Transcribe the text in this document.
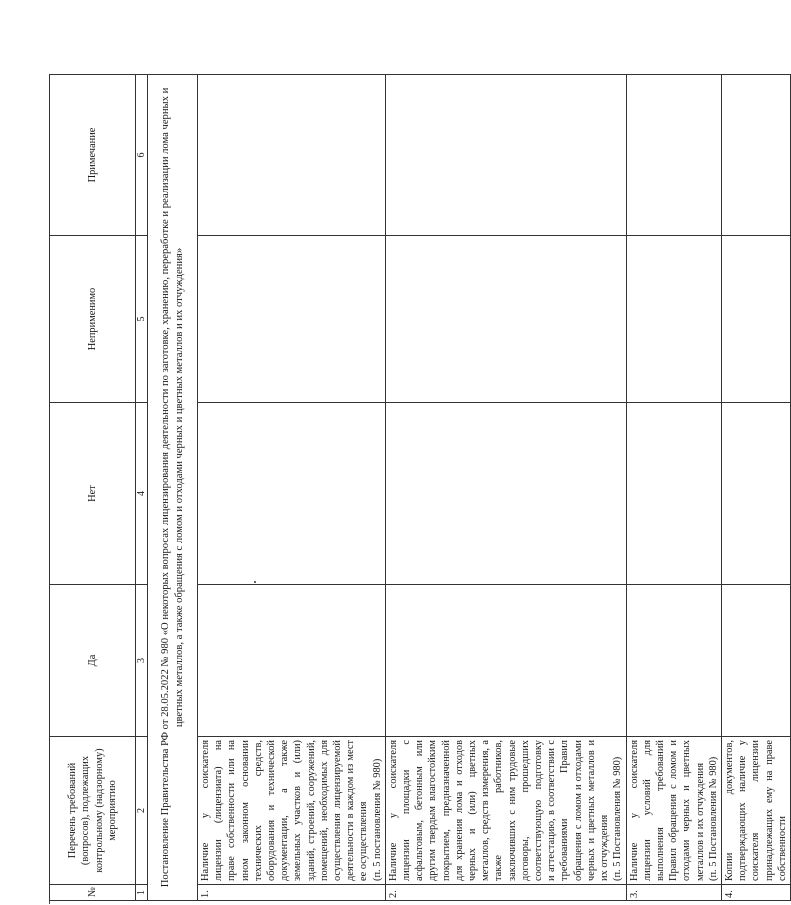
№	Перечень требований (вопросов), подлежащих контрольному (надзорному) мероприятию	Да	Нет	Неприменимо	Примечание
1	2	3	4	5	6
Постановление Правительства РФ от 28.05.2022 № 980 «О некоторых вопросах лицензирования деятельности по заготовке, хранению, переработке и реализации лома черных и цветных металлов, а также обращения с ломом и отходами черных и цветных металлов и их отчуждения»					
1.	Наличие у соискателя лицензии (лицензиата) на праве собственности или на ином законном основании технических средств, оборудования и технической документации, а также земельных участков и (или) зданий, строений, сооружений, помещений, необходимых для осуществления лицензируемой деятельности в каждом из мест ее осуществления (п. 5 постановления № 980)				

2.	Наличие у соискателя лицензии площадки с асфальтовым, бетонным или другим твердым влагостойким покрытием, предназначенной для хранения лома и отходов черных и (или) цветных металлов, средств измерения, а также работников, заключивших с ним трудовые договоры, прошедших соответствующую подготовку и аттестацию, в соответствии с требованиями Правил обращения с ломом и отходами черных и цветных металлов и их отчуждения (п. 5 Постановления № 980)				

3.	Наличие у соискателя лицензии условий для выполнения требований Правил обращения с ломом и отходами черных и цветных металлов и их отчуждения (п. 5 Постановления № 980)				

4.	Копии документов, подтверждающих наличие у соискателя лицензии принадлежащих ему на праве собственности				
